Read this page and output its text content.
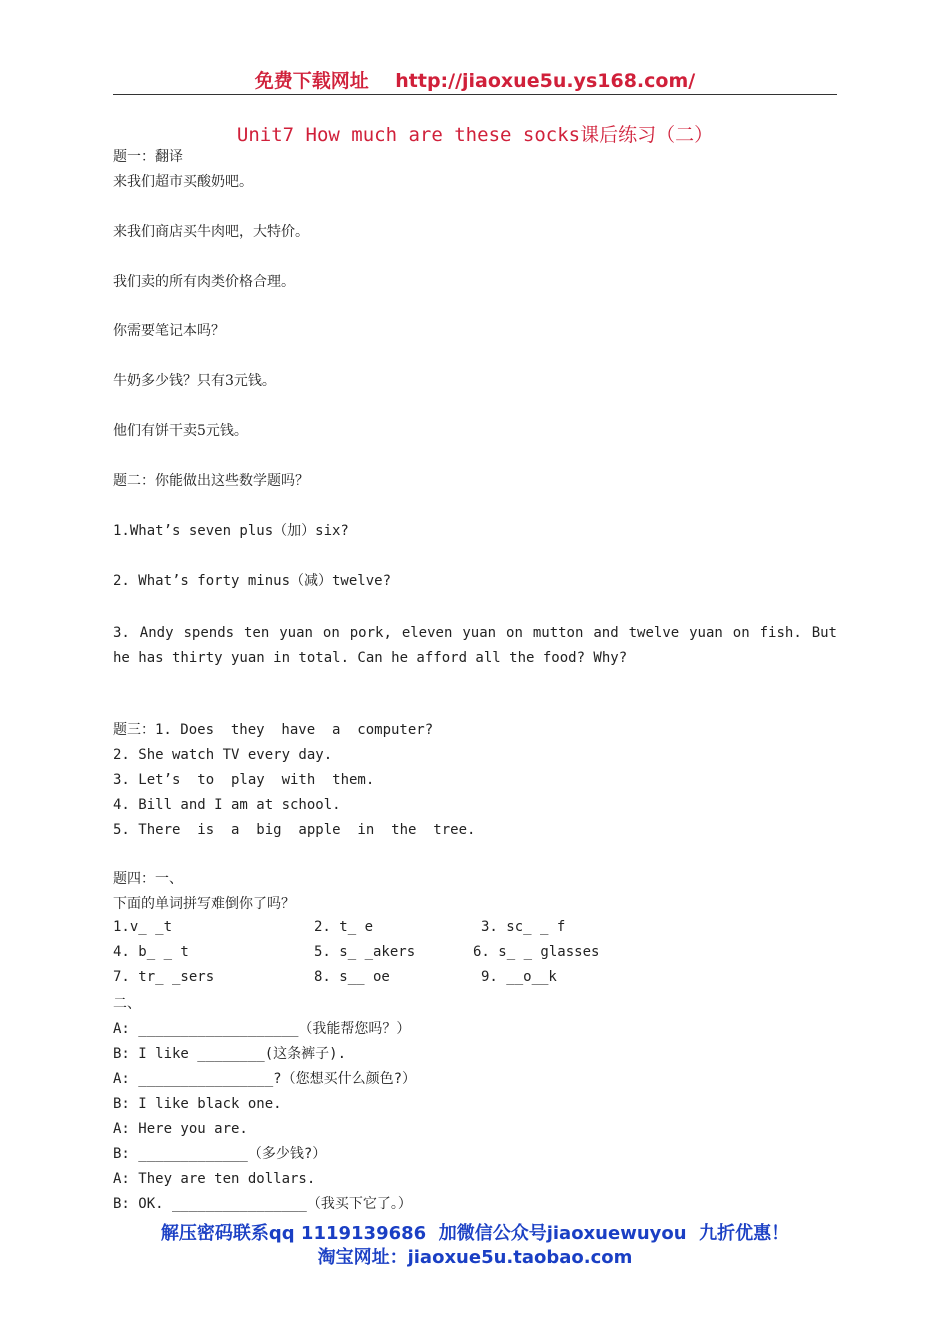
免费下载网址    http://jiaoxue5u.ys168.com/
Unit7 How much are these socks课后练习（二）
题一：翻译
来我们超市买酸奶吧。
来我们商店买牛肉吧，大特价。
我们卖的所有肉类价格合理。
你需要笔记本吗？
牛奶多少钱？只有3元钱。
他们有饼干卖5元钱。
题二：你能做出这些数学题吗？
1.What’s seven plus（加）six?
2. What’s forty minus（减）twelve?
3. Andy spends ten yuan on pork, eleven yuan on mutton and twelve yuan on fish. But he has thirty yuan in total. Can he afford all the food? Why?
题三：1. Does  they  have  a  computer?
2. She watch TV every day.
3. Let’s  to  play  with  them.
4. Bill and I am at school.
5. There  is  a  big  apple  in  the  tree.
题四：一、
下面的单词拼写难倒你了吗？
1.v_ _t	2. t_ e	3. sc_ _ f
4. b_ _ t	5. s_ _akers	6. s_ _ glasses
7. tr_ _sers	8. s__ oe	9. __o__k
二、
A: ___________________（我能帮您吗？）
B: I like ________(这条裤子).
A: ________________?（您想买什么颜色?）
B: I like black one.
A: Here you are.
B: _____________（多少钱?）
A: They are ten dollars.
B: OK. ________________（我买下它了。）
解压密码联系qq 1119139686  加微信公众号jiaoxuewuyou  九折优惠！
淘宝网址：jiaoxue5u.taobao.com
